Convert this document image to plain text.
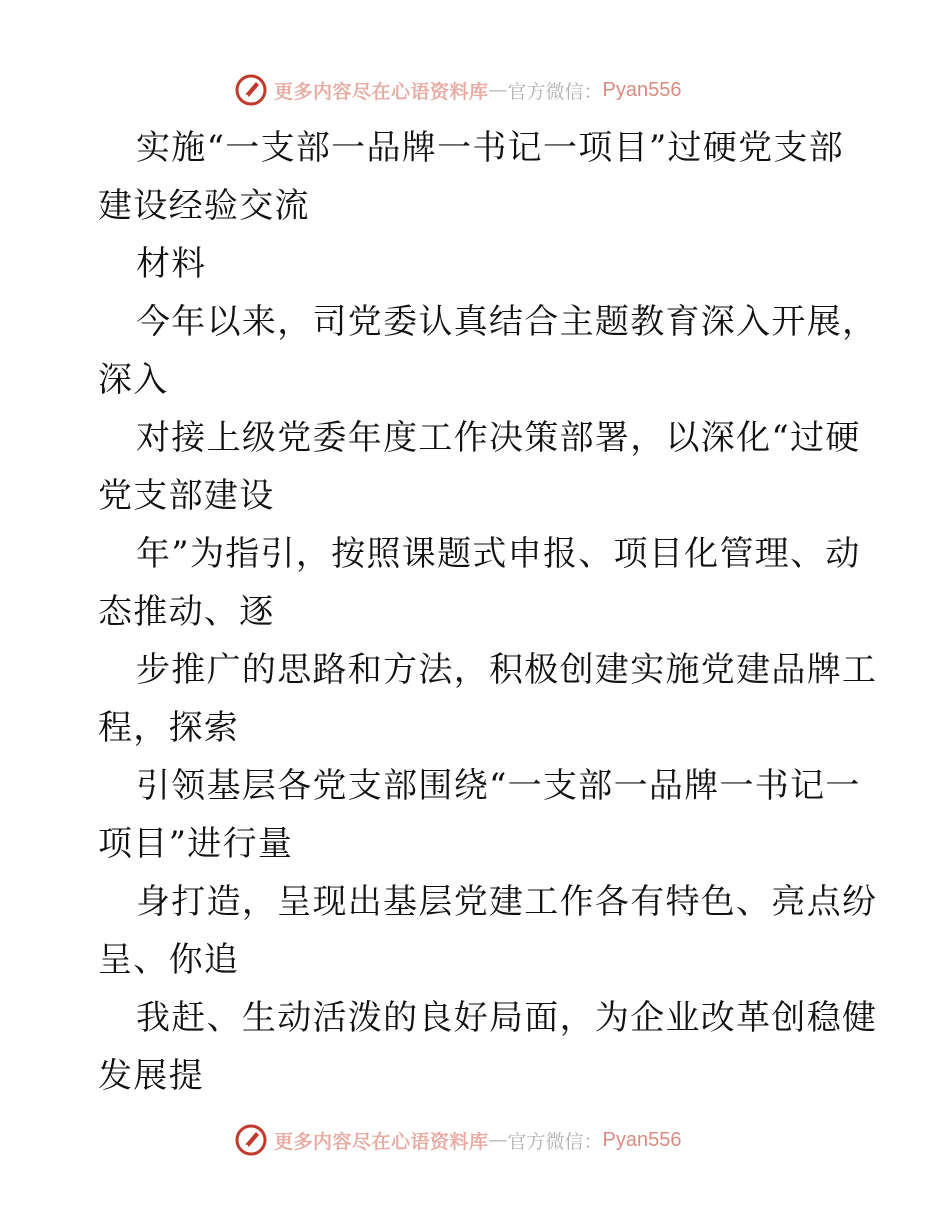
更多内容尽在心语资料库 — 官方微信： Pyan556
实施“一支部一品牌一书记一项目”过硬党支部
建设经验交流
材料
今年以来，司党委认真结合主题教育深入开展，
深入
对接上级党委年度工作决策部署，以深化“过硬
党支部建设
年”为指引，按照课题式申报、项目化管理、动
态推动、逐
步推广的思路和方法，积极创建实施党建品牌工
程，探索
引领基层各党支部围绕“一支部一品牌一书记一
项目”进行量
身打造，呈现出基层党建工作各有特色、亮点纷
呈、你追
我赶、生动活泼的良好局面，为企业改革创稳健
发展提
更多内容尽在心语资料库 — 官方微信： Pyan556
